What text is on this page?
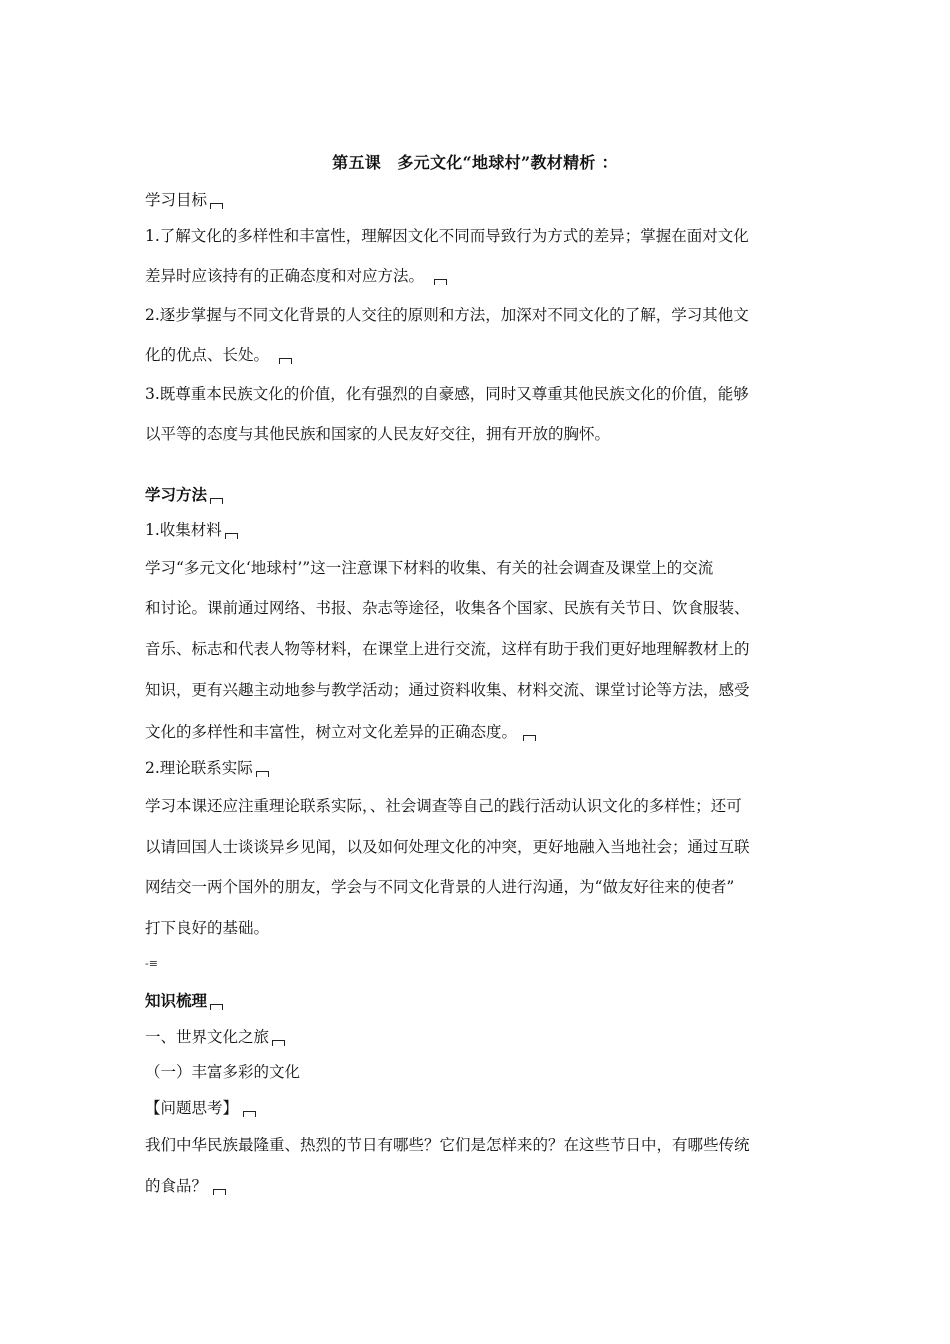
第五课　多元文化“地球村”教材精析 ：
学习目标
1.了解文化的多样性和丰富性，理解因文化不同而导致行为方式的差异；掌握在面对文化
差异时应该持有的正确态度和对应方法。
2.逐步掌握与不同文化背景的人交往的原则和方法，加深对不同文化的了解，学习其他文
化的优点、长处。
3.既尊重本民族文化的价值，化有强烈的自豪感，同时又尊重其他民族文化的价值，能够
以平等的态度与其他民族和国家的人民友好交往，拥有开放的胸怀。
学习方法
1.收集材料
学习“多元文化‘地球村’”这一注意课下材料的收集、有关的社会调查及课堂上的交流
和讨论。课前通过网络、书报、杂志等途径，收集各个国家、民族有关节日、饮食服装、
音乐、标志和代表人物等材料，在课堂上进行交流，这样有助于我们更好地理解教材上的
知识，更有兴趣主动地参与教学活动；通过资料收集、材料交流、课堂讨论等方法，感受
文化的多样性和丰富性，树立对文化差异的正确态度。
2.理论联系实际
学习本课还应注重理论联系实际，、社会调查等自己的践行活动认识文化的多样性；还可
以请回国人士谈谈异乡见闻，以及如何处理文化的冲突，更好地融入当地社会；通过互联
网结交一两个国外的朋友，学会与不同文化背景的人进行沟通，为“做友好往来的使者”
打下良好的基础。
-≡
知识梳理
一、世界文化之旅
（一）丰富多彩的文化
【问题思考】
我们中华民族最隆重、热烈的节日有哪些？它们是怎样来的？在这些节日中，有哪些传统
的食品？
